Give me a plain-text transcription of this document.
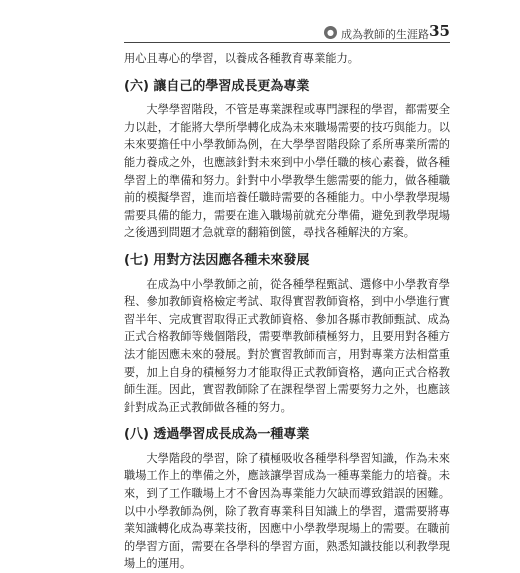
● 成為教師的生涯路 35

用心且專心的學習，以養成各種教育專業能力。

(六) 讓自己的學習成長更為專業

大學學習階段，不管是專業課程或專門課程的學習，都需要全力以赴，才能將大學所學轉化成為未來職場需要的技巧與能力。以未來要擔任中小學教師為例，在大學學習階段除了系所專業所需的能力養成之外，也應該針對未來到中小學任職的核心素養，做各種學習上的準備和努力。針對中小學教學生態需要的能力，做各種職前的模擬學習，進而培養任職時需要的各種能力。中小學教學現場需要具備的能力，需要在進入職場前就充分準備，避免到教學現場之後遇到問題才急就章的翻箱倒篋，尋找各種解決的方案。

(七) 用對方法因應各種未來發展

在成為中小學教師之前，從各種學程甄試、選修中小學教育學程、參加教師資格檢定考試、取得實習教師資格，到中小學進行實習半年、完成實習取得正式教師資格、參加各縣市教師甄試、成為正式合格教師等幾個階段，需要準教師積極努力，且要用對各種方法才能因應未來的發展。對於實習教師而言，用對專業方法相當重要，加上自身的積極努力才能取得正式教師資格，邁向正式合格教師生涯。因此，實習教師除了在課程學習上需要努力之外，也應該針對成為正式教師做各種的努力。

(八) 透過學習成長成為一種專業

大學階段的學習，除了積極吸收各種學科學習知識，作為未來職場工作上的準備之外，應該讓學習成為一種專業能力的培養。未來，到了工作職場上才不會因為專業能力欠缺而導致錯誤的困難。以中小學教師為例，除了教育專業科目知識上的學習，還需要將專業知識轉化成為專業技術，因應中小學教學現場上的需要。在職前的學習方面，需要在各學科的學習方面，熟悉知識技能以利教學現場上的運用。
